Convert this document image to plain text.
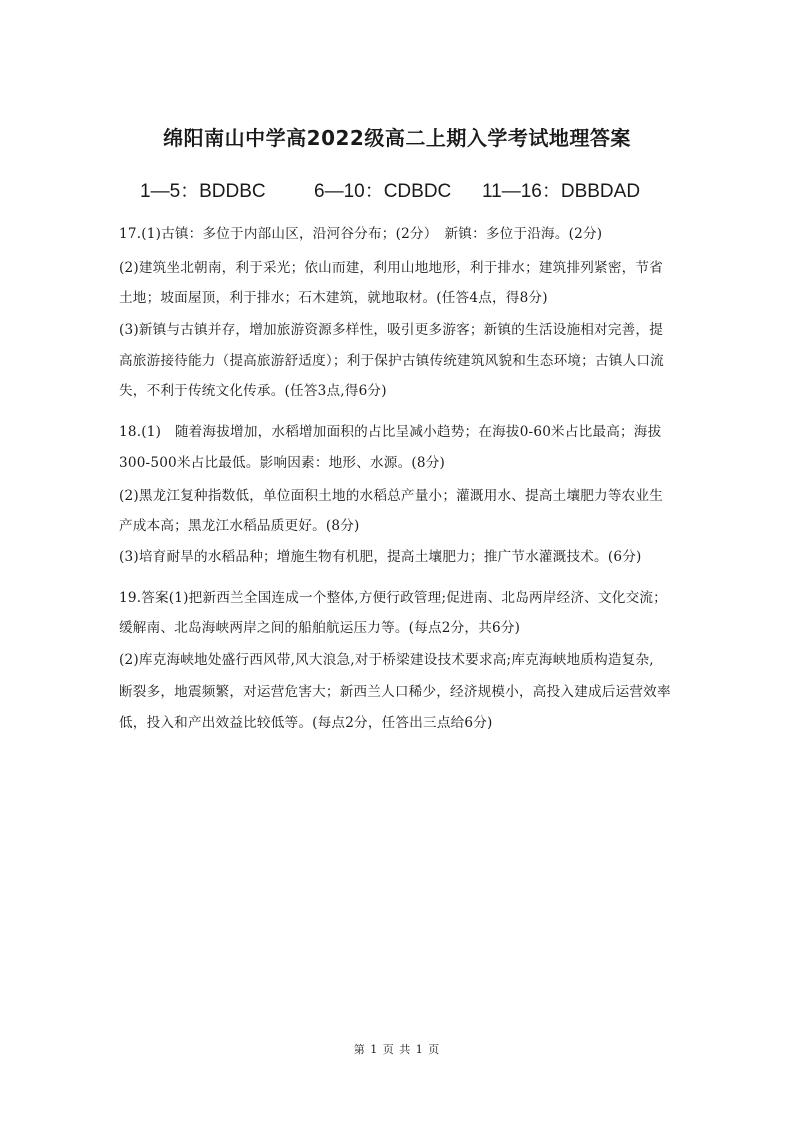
绵阳南山中学高2022级高二上期入学考试地理答案
1—5：BDDBC	6—10：CDBDC 11—16：DBBDAD
17.(1)古镇：多位于内部山区，沿河谷分布；(2分）　新镇：多位于沿海。(2分)
(2)建筑坐北朝南，利于采光；依山而建，利用山地地形，利于排水；建筑排列紧密，节省
土地；坡面屋顶，利于排水；石木建筑，就地取材。(任答4点，得8分)
(3)新镇与古镇并存，增加旅游资源多样性，吸引更多游客；新镇的生活设施相对完善，提
高旅游接待能力（提高旅游舒适度）；利于保护古镇传统建筑风貌和生态环境；古镇人口流
失，不利于传统文化传承。(任答3点,得6分)
18.(1)　随着海拔增加，水稻增加面积的占比呈减小趋势；在海拔0-60米占比最高；海拔
300-500米占比最低。影响因素：地形、水源。(8分)
(2)黑龙江复种指数低，单位面积土地的水稻总产量小；灌溉用水、提高土壤肥力等农业生
产成本高；黑龙江水稻品质更好。(8分)
(3)培育耐旱的水稻品种；增施生物有机肥，提高土壤肥力；推广节水灌溉技术。(6分)
19.答案(1)把新西兰全国连成一个整体,方便行政管理;促进南、北岛两岸经济、文化交流；
缓解南、北岛海峡两岸之间的船舶航运压力等。(每点2分，共6分)
(2)库克海峡地处盛行西风带,风大浪急,对于桥梁建设技术要求高;库克海峡地质构造复杂,
断裂多，地震频繁，对运营危害大；新西兰人口稀少，经济规模小，高投入建成后运营效率
低，投入和产出效益比较低等。(每点2分，任答出三点给6分)
第 1 页 共 1 页
